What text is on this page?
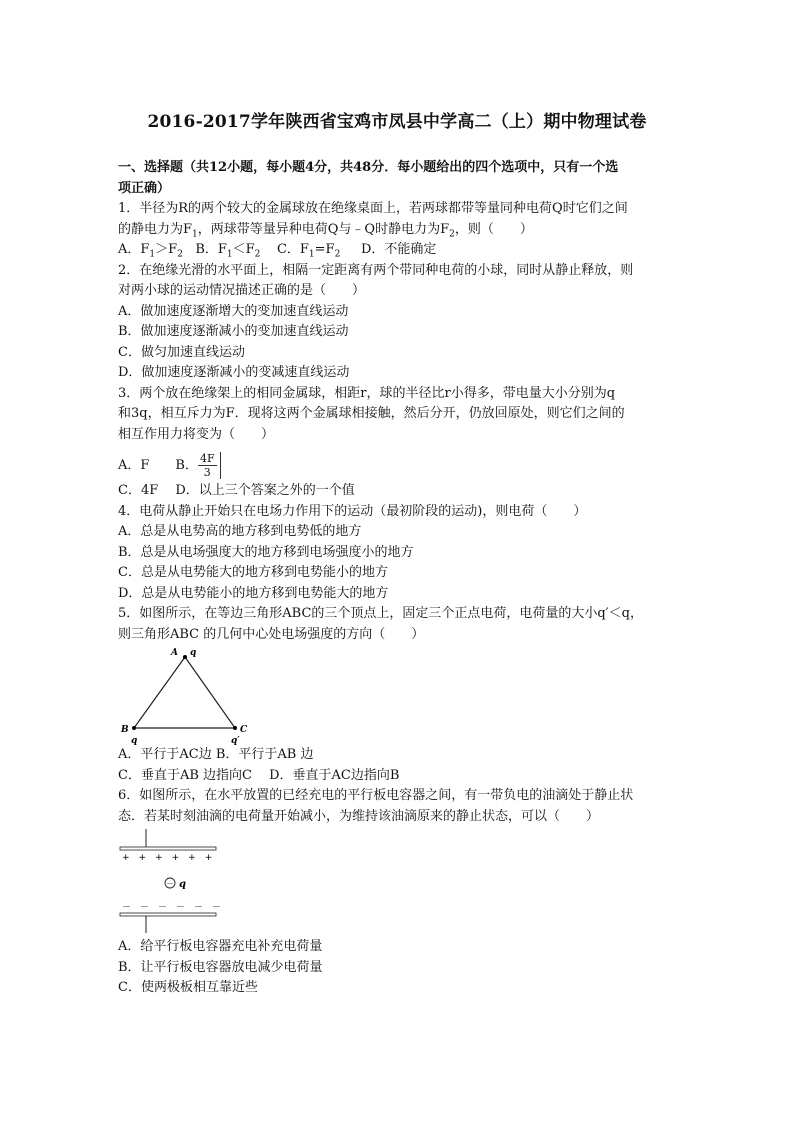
2016-2017学年陕西省宝鸡市凤县中学高二（上）期中物理试卷

一、选择题（共12小题，每小题4分，共48分．每小题给出的四个选项中，只有一个选

项正确）

1．半径为R的两个较大的金属球放在绝缘桌面上，若两球都带等量同种电荷Q时它们之间

的静电力为$F_1$，两球带等量异种电荷Q与﹣Q时静电力为$F_2$，则（　　）

A．$F_1>F_2$ B．$F_1<F_2$ C．$F_1=F_2$ D．不能确定

2．在绝缘光滑的水平面上，相隔一定距离有两个带同种电荷的小球，同时从静止释放，则

对两小球的运动情况描述正确的是（　　）

A．做加速度逐渐增大的变加速直线运动

B．做加速度逐渐减小的变加速直线运动

C．做匀加速直线运动

D．做加速度逐渐减小的变减速直线运动

3．两个放在绝缘架上的相同金属球，相距r，球的半径比r小得多，带电量大小分别为q

和3q，相互斥力为F．现将这两个金属球相接触，然后分开，仍放回原处，则它们之间的

相互作用力将变为（　　）

A．F　　B． $\frac{4F}{3}$

C．4F　 D．以上三个答案之外的一个值

4．电荷从静止开始只在电场力作用下的运动（最初阶段的运动)，则电荷（　　）

A．总是从电势高的地方移到电势低的地方

B．总是从电场强度大的地方移到电场强度小的地方

C．总是从电势能大的地方移到电势能小的地方

D．总是从电势能小的地方移到电势能大的地方

5．如图所示，在等边三角形ABC的三个顶点上，固定三个正点电荷，电荷量的大小q′＜q，

则三角形ABC 的几何中心处电场强度的方向（　　）

A q
B
q
C
q′

A．平行于AC边 B．平行于AB 边

C．垂直于AB 边指向C　 D．垂直于AC边指向B

6．如图所示，在水平放置的已经充电的平行板电容器之间，有一带负电的油滴处于静止状

态．若某时刻油滴的电荷量开始减小，为维持该油滴原来的静止状态，可以（　　）

+　+　+　+　+　+
－ q
－　－　－　－　－　－

A．给平行板电容器充电补充电荷量

B．让平行板电容器放电减少电荷量

C．使两极板相互靠近些
